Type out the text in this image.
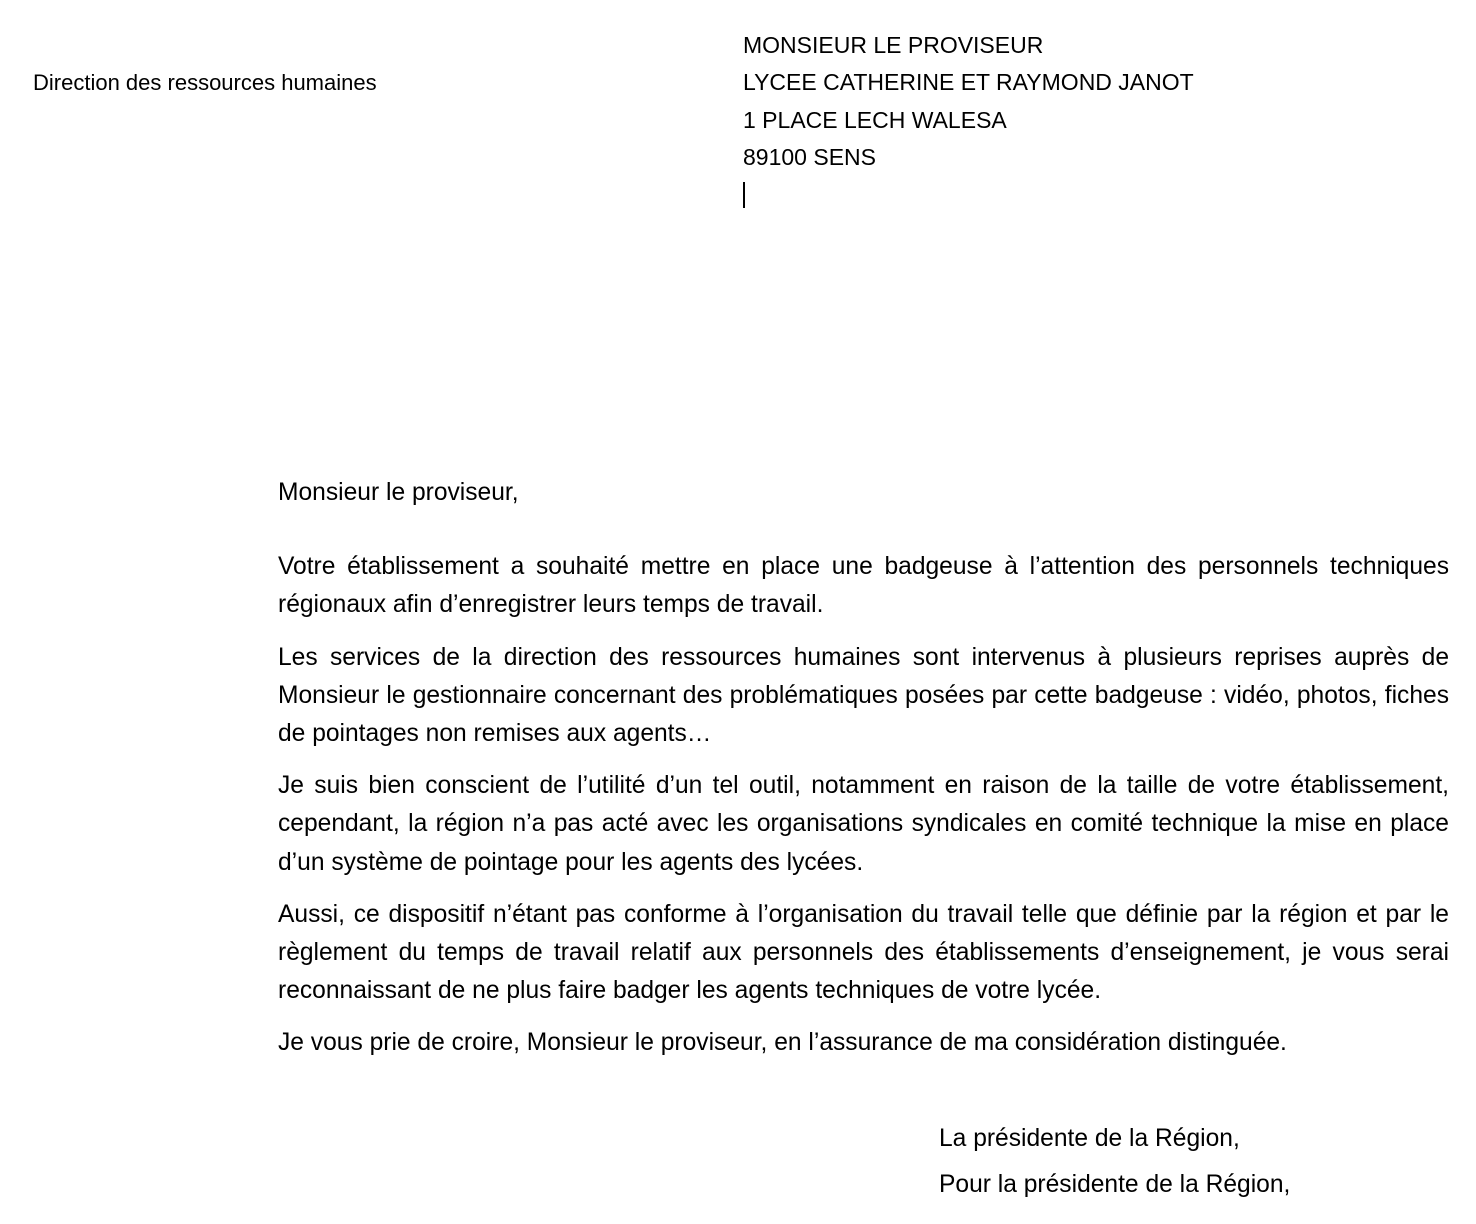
Direction des ressources humaines

MONSIEUR LE PROVISEUR
LYCEE CATHERINE ET RAYMOND JANOT
1 PLACE LECH WALESA
89100 SENS

Monsieur le proviseur,

Votre établissement a souhaité mettre en place une badgeuse à l’attention des personnels techniques régionaux afin d’enregistrer leurs temps de travail.

Les services de la direction des ressources humaines sont intervenus à plusieurs reprises auprès de Monsieur le gestionnaire concernant des problématiques posées par cette badgeuse : vidéo, photos, fiches de pointages non remises aux agents…

Je suis bien conscient de l’utilité d’un tel outil, notamment en raison de la taille de votre établissement, cependant, la région n’a pas acté avec les organisations syndicales en comité technique la mise en place d’un système de pointage pour les agents des lycées.

Aussi, ce dispositif n’étant pas conforme à l’organisation du travail telle que définie par la région et par le règlement du temps de travail relatif aux personnels des établissements d’enseignement, je vous serai reconnaissant de ne plus faire badger les agents techniques de votre lycée.

Je vous prie de croire, Monsieur le proviseur, en l’assurance de ma considération distinguée.

La présidente de la Région,
Pour la présidente de la Région,
